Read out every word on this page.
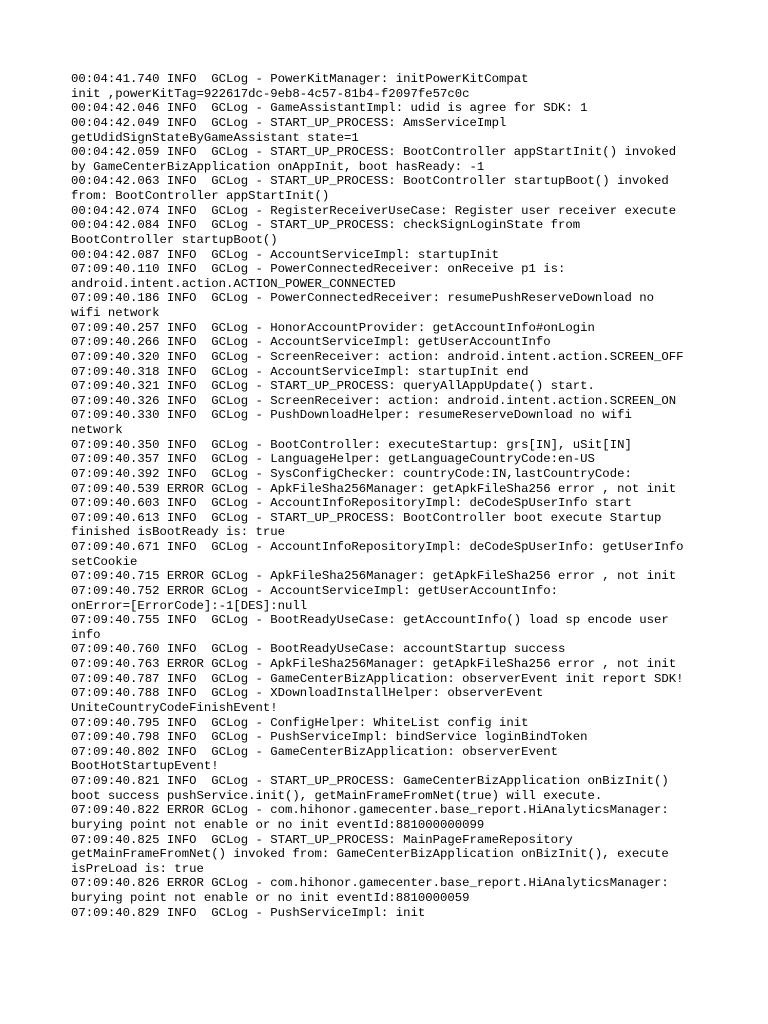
00:04:41.740 INFO  GCLog - PowerKitManager: initPowerKitCompat

init ,powerKitTag=922617dc-9eb8-4c57-81b4-f2097fe57c0c

00:04:42.046 INFO  GCLog - GameAssistantImpl: udid is agree for SDK: 1

00:04:42.049 INFO  GCLog - START_UP_PROCESS: AmsServiceImpl

getUdidSignStateByGameAssistant state=1

00:04:42.059 INFO  GCLog - START_UP_PROCESS: BootController appStartInit() invoked

by GameCenterBizApplication onAppInit, boot hasReady: -1

00:04:42.063 INFO  GCLog - START_UP_PROCESS: BootController startupBoot() invoked

from: BootController appStartInit()

00:04:42.074 INFO  GCLog - RegisterReceiverUseCase: Register user receiver execute

00:04:42.084 INFO  GCLog - START_UP_PROCESS: checkSignLoginState from

BootController startupBoot()

00:04:42.087 INFO  GCLog - AccountServiceImpl: startupInit

07:09:40.110 INFO  GCLog - PowerConnectedReceiver: onReceive p1 is:

android.intent.action.ACTION_POWER_CONNECTED

07:09:40.186 INFO  GCLog - PowerConnectedReceiver: resumePushReserveDownload no

wifi network

07:09:40.257 INFO  GCLog - HonorAccountProvider: getAccountInfo#onLogin

07:09:40.266 INFO  GCLog - AccountServiceImpl: getUserAccountInfo

07:09:40.320 INFO  GCLog - ScreenReceiver: action: android.intent.action.SCREEN_OFF

07:09:40.318 INFO  GCLog - AccountServiceImpl: startupInit end

07:09:40.321 INFO  GCLog - START_UP_PROCESS: queryAllAppUpdate() start.

07:09:40.326 INFO  GCLog - ScreenReceiver: action: android.intent.action.SCREEN_ON

07:09:40.330 INFO  GCLog - PushDownloadHelper: resumeReserveDownload no wifi

network

07:09:40.350 INFO  GCLog - BootController: executeStartup: grs[IN], uSit[IN]

07:09:40.357 INFO  GCLog - LanguageHelper: getLanguageCountryCode:en-US

07:09:40.392 INFO  GCLog - SysConfigChecker: countryCode:IN,lastCountryCode:

07:09:40.539 ERROR GCLog - ApkFileSha256Manager: getApkFileSha256 error , not init

07:09:40.603 INFO  GCLog - AccountInfoRepositoryImpl: deCodeSpUserInfo start

07:09:40.613 INFO  GCLog - START_UP_PROCESS: BootController boot execute Startup

finished isBootReady is: true

07:09:40.671 INFO  GCLog - AccountInfoRepositoryImpl: deCodeSpUserInfo: getUserInfo

setCookie

07:09:40.715 ERROR GCLog - ApkFileSha256Manager: getApkFileSha256 error , not init

07:09:40.752 ERROR GCLog - AccountServiceImpl: getUserAccountInfo:

onError=[ErrorCode]:-1[DES]:null

07:09:40.755 INFO  GCLog - BootReadyUseCase: getAccountInfo() load sp encode user

info

07:09:40.760 INFO  GCLog - BootReadyUseCase: accountStartup success

07:09:40.763 ERROR GCLog - ApkFileSha256Manager: getApkFileSha256 error , not init

07:09:40.787 INFO  GCLog - GameCenterBizApplication: observerEvent init report SDK!

07:09:40.788 INFO  GCLog - XDownloadInstallHelper: observerEvent

UniteCountryCodeFinishEvent!

07:09:40.795 INFO  GCLog - ConfigHelper: WhiteList config init

07:09:40.798 INFO  GCLog - PushServiceImpl: bindService loginBindToken

07:09:40.802 INFO  GCLog - GameCenterBizApplication: observerEvent

BootHotStartupEvent!

07:09:40.821 INFO  GCLog - START_UP_PROCESS: GameCenterBizApplication onBizInit()

boot success pushService.init(), getMainFrameFromNet(true) will execute.

07:09:40.822 ERROR GCLog - com.hihonor.gamecenter.base_report.HiAnalyticsManager:

burying point not enable or no init eventId:881000000099

07:09:40.825 INFO  GCLog - START_UP_PROCESS: MainPageFrameRepository

getMainFrameFromNet() invoked from: GameCenterBizApplication onBizInit(), execute

isPreLoad is: true

07:09:40.826 ERROR GCLog - com.hihonor.gamecenter.base_report.HiAnalyticsManager:

burying point not enable or no init eventId:8810000059

07:09:40.829 INFO  GCLog - PushServiceImpl: init
